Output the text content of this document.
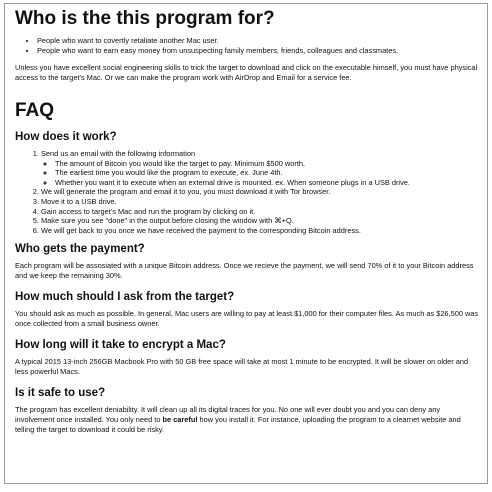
Who is the this program for?
• People who want to covertly retaliate another Mac user.
• People who want to earn easy money from unsuspecting family members, friends, colleagues and classmates.

Unless you have excellent social engineering skills to trick the target to download and click on the executable himself, you must have physical access to the target's Mac. Or we can make the program work with AirDrop and Email for a service fee.

FAQ
How does it work?
1. Send us an email with the following information
◦ The amount of Bitcoin you would like the target to pay. Minimum $500 worth.
◦ The earliest time you would like the program to execute, ex. June 4th.
◦ Whether you want it to execute when an external drive is mounted. ex. When someone plugs in a USB drive.
2. We will generate the program and email it to you, you must download it with Tor browser.
3. Move it to a USB drive.
4. Gain access to target's Mac and run the program by clicking on it.
5. Make sure you see "done" in the output before closing the window with ⌘+Q.
6. We will get back to you once we have received the payment to the corresponding Bitcoin address.
Who gets the payment?

Each program will be assosiated with a unique Bitcoin address. Once we recieve the payment, we will send 70% of it to your Bitcoin address and we keep the remaining 30%.

How much should I ask from the target?

You should ask as much as possible. In general, Mac users are willing to pay at least $1,000 for their computer files. As much as $26,500 was once collected from a small business owner.

How long will it take to encrypt a Mac?

A typical 2015 13-inch 256GB Macbook Pro with 50 GB free space will take at most 1 minute to be encrypted. It will be slower on older and less powerful Macs.

Is it safe to use?

The program has excellent deniability. It will clean up all its digital traces for you. No one will ever doubt you and you can deny any involvement once installed. You only need to be careful how you install it. For instance, uploading the program to a clearnet website and telling the target to download it could be risky.
